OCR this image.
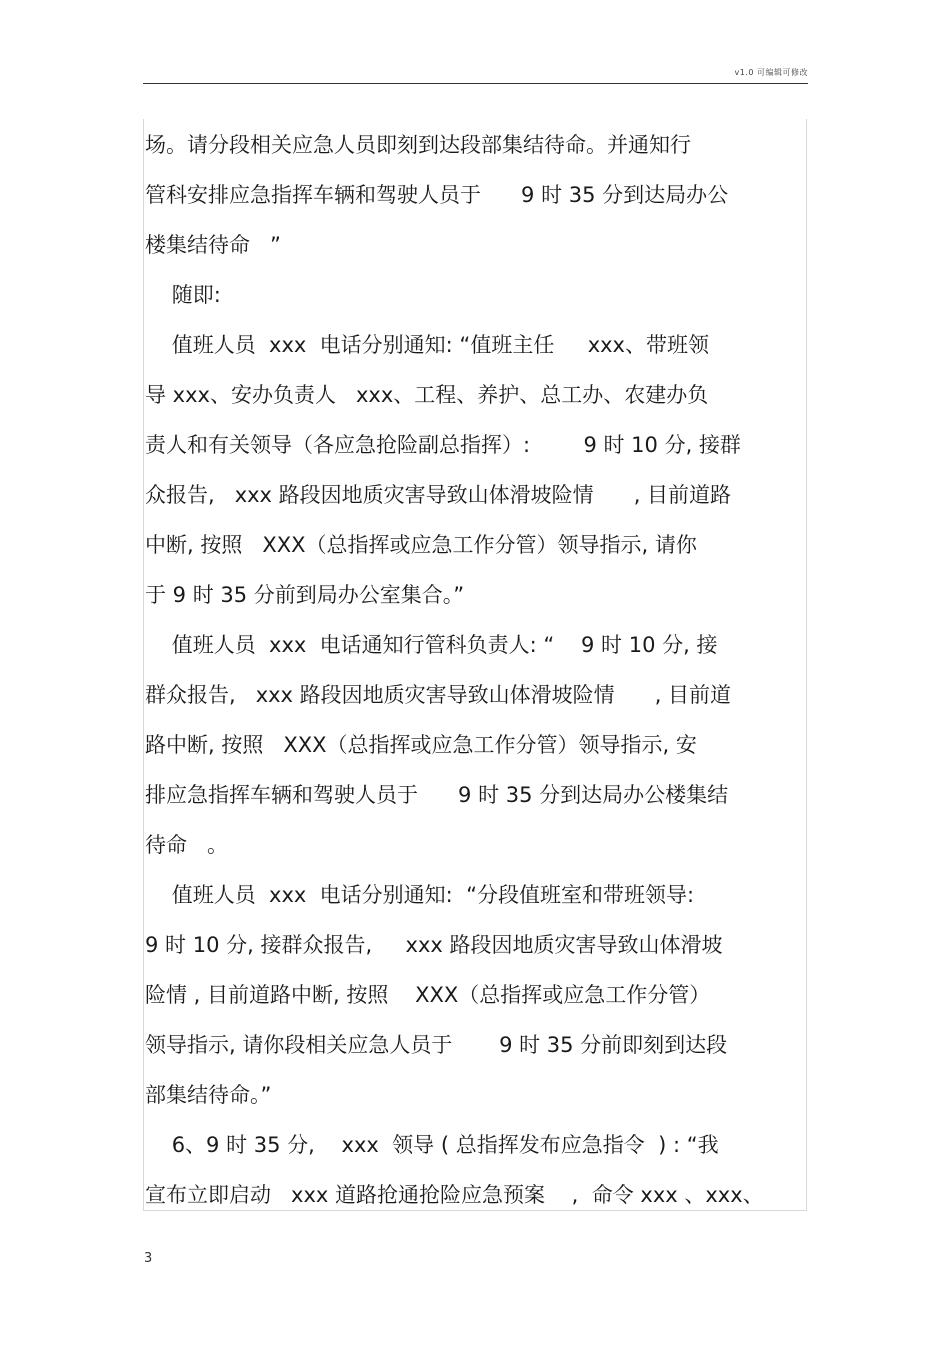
v1.0 可编辑可修改
场。请分段相关应急人员即刻到达段部集结待命。并通知行
管科安排应急指挥车辆和驾驶人员于      9 时 35 分到达局办公
楼集结待命   ”
随即:
值班人员  xxx  电话分别通知: “值班主任     xxx、带班领
导 xxx、安办负责人   xxx、工程、养护、总工办、农建办负
责人和有关领导（各应急抢险副总指挥）:        9 时 10 分, 接群
众报告,   xxx 路段因地质灾害导致山体滑坡险情      , 目前道路
中断, 按照   XXX（总指挥或应急工作分管）领导指示, 请你
于 9 时 35 分前到局办公室集合。”
值班人员  xxx  电话通知行管科负责人: “    9 时 10 分, 接
群众报告,   xxx 路段因地质灾害导致山体滑坡险情      , 目前道
路中断, 按照   XXX（总指挥或应急工作分管）领导指示, 安
排应急指挥车辆和驾驶人员于      9 时 35 分到达局办公楼集结
待命   。
值班人员  xxx  电话分别通知:  “分段值班室和带班领导:
9 时 10 分, 接群众报告,     xxx 路段因地质灾害导致山体滑坡
险情 , 目前道路中断, 按照    XXX（总指挥或应急工作分管）
领导指示, 请你段相关应急人员于       9 时 35 分前即刻到达段
部集结待命。”
6、9 时 35 分,    xxx  领导 ( 总指挥发布应急指令  ) : “我
宣布立即启动   xxx 道路抢通抢险应急预案    ,  命令 xxx 、xxx、
3
